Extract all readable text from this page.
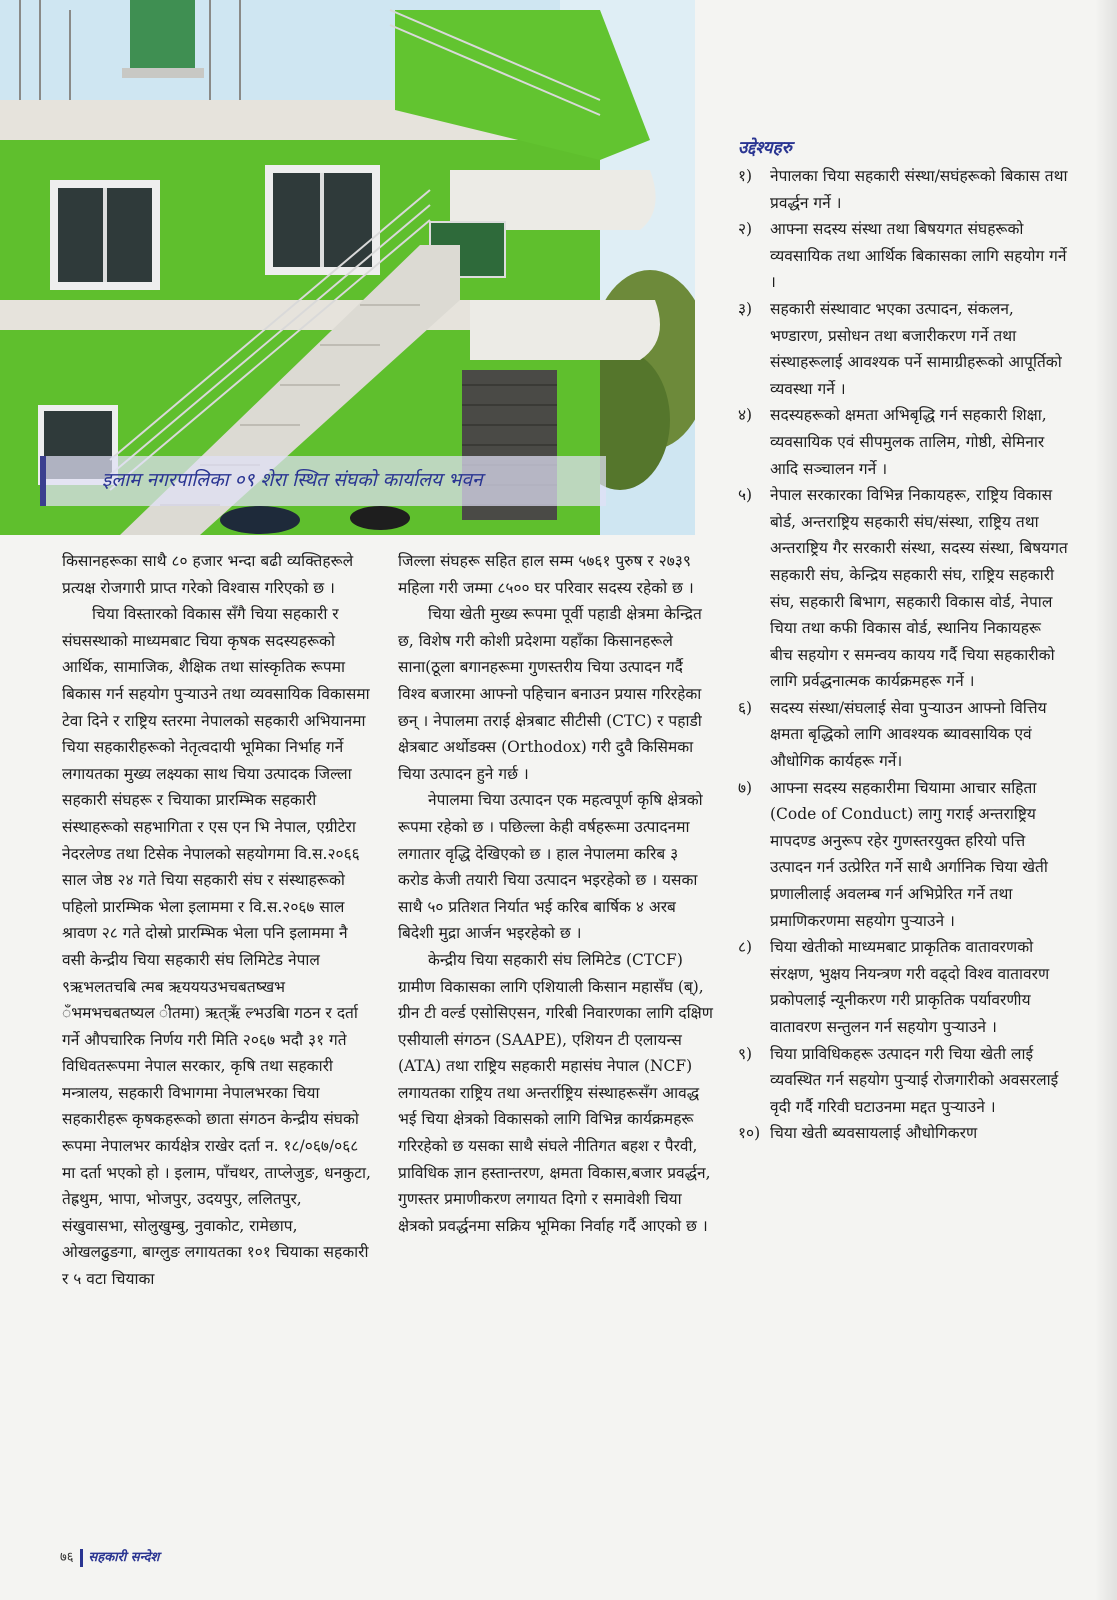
इलाम नगरपालिका ०९ शेरा स्थित संघको कार्यालय भवन

किसानहरूका साथै ८० हजार भन्दा बढी व्यक्तिहरूले प्रत्यक्ष रोजगारी प्राप्त गरेको विश्वास गरिएको छ ।

चिया विस्तारको विकास सँगै चिया सहकारी र संघसस्थाको माध्यमबाट चिया कृषक सदस्यहरूको आर्थिक, सामाजिक, शैक्षिक तथा सांस्कृतिक रूपमा बिकास गर्न सहयोग पुऱ्याउने तथा व्यवसायिक विकासमा टेवा दिने र राष्ट्रिय स्तरमा नेपालको सहकारी अभियानमा चिया सहकारीहरूको नेतृत्वदायी भूमिका निर्भाह गर्ने लगायतका मुख्य लक्ष्यका साथ चिया उत्पादक जिल्ला सहकारी संघहरू र चियाका प्रारम्भिक सहकारी संस्थाहरूको सहभागिता र एस एन भि नेपाल, एग्रीटेरा नेदरलेण्ड तथा टिसेक नेपालको सहयोगमा वि.स.२०६६ साल जेष्ठ २४ गते चिया सहकारी संघ र संस्थाहरूको पहिलो प्रारम्भिक भेला इलाममा र वि.स.२०६७ साल श्रावण २८ गते दोस्रो प्रारम्भिक भेला पनि इलाममा नै वसी केन्द्रीय चिया सहकारी संघ लिमिटेड नेपाल ९ऋभलतचबि त्मब ऋयययउभचबतष्खभ ँभमभचबतष्यल ीतमा) ऋत्ऋँ ल्भउबाि गठन र दर्ता गर्ने औपचारिक निर्णय गरी मिति २०६७ भदौ ३१ गते विधिवतरूपमा नेपाल सरकार, कृषि तथा सहकारी मन्त्रालय, सहकारी विभागमा नेपालभरका चिया सहकारीहरू कृषकहरूको छाता संगठन केन्द्रीय संघको रूपमा नेपालभर कार्यक्षेत्र राखेर दर्ता न. १८/०६७/०६८ मा दर्ता भएको हो । इलाम, पाँचथर, ताप्लेजुङ, धनकुटा, तेह्रथुम, भापा, भोजपुर, उदयपुर, ललितपुर, संखुवासभा, सोलुखुम्बु, नुवाकोट, रामेछाप, ओखलढुङगा, बाग्लुङ लगायतका १०१ चियाका सहकारी र ५ वटा चियाका

जिल्ला संघहरू सहित हाल सम्म ५७६१ पुरुष र २७३९ महिला गरी जम्मा ८५०० घर परिवार सदस्य रहेको छ ।

चिया खेती मुख्य रूपमा पूर्वी पहाडी क्षेत्रमा केन्द्रित छ, विशेष गरी कोशी प्रदेशमा यहाँका किसानहरूले साना(ठूला बगानहरूमा गुणस्तरीय चिया उत्पादन गर्दै विश्व बजारमा आफ्नो पहिचान बनाउन प्रयास गरिरहेका छन् । नेपालमा तराई क्षेत्रबाट सीटीसी (CTC) र पहाडी क्षेत्रबाट अर्थोडक्स (Orthodox) गरी दुवै किसिमका चिया उत्पादन हुने गर्छ ।

नेपालमा चिया उत्पादन एक महत्वपूर्ण कृषि क्षेत्रको रूपमा रहेको छ । पछिल्ला केही वर्षहरूमा उत्पादनमा लगातार वृद्धि देखिएको छ । हाल नेपालमा करिब ३ करोड केजी तयारी चिया उत्पादन भइरहेको छ । यसका साथै ५० प्रतिशत निर्यात भई करिब बार्षिक ४ अरब बिदेशी मुद्रा आर्जन भइरहेको छ ।

केन्द्रीय चिया सहकारी संघ लिमिटेड (CTCF) ग्रामीण विकासका लागि एशियाली किसान महासँघ (ब्), ग्रीन टी वर्ल्ड एसोसिएसन, गरिबी निवारणका लागि दक्षिण एसीयाली संगठन (SAAPE), एशियन टी एलायन्स (ATA) तथा राष्ट्रिय सहकारी महासंघ नेपाल (NCF) लगायतका राष्ट्रिय तथा अन्तर्राष्ट्रिय संस्थाहरूसँग आवद्ध भई चिया क्षेत्रको विकासको लागि विभिन्न कार्यक्रमहरू गरिरहेको छ यसका साथै संघले नीतिगत बहश र पैरवी, प्राविधिक ज्ञान हस्तान्तरण, क्षमता विकास,बजार प्रवर्द्धन, गुणस्तर प्रमाणीकरण लगायत दिगो र समावेशी चिया क्षेत्रको प्रवर्द्धनमा सक्रिय भूमिका निर्वाह गर्दै आएको छ ।

उद्देश्यहरु
१) नेपालका चिया सहकारी संस्था/सघंहरूको बिकास तथा प्रवर्द्धन गर्ने ।
२) आफ्ना सदस्य संस्था तथा बिषयगत संघहरूको व्यवसायिक तथा आर्थिक बिकासका लागि सहयोग गर्ने ।
३) सहकारी संस्थावाट भएका उत्पादन, संकलन, भण्डारण, प्रसोधन तथा बजारीकरण गर्ने तथा संस्थाहरूलाई आवश्यक पर्ने सामाग्रीहरूको आपूर्तिको व्यवस्था गर्ने ।
४) सदस्यहरूको क्षमता अभिबृद्धि गर्न सहकारी शिक्षा, व्यवसायिक एवं सीपमुलक तालिम, गोष्ठी, सेमिनार आदि सञ्चालन गर्ने ।
५) नेपाल सरकारका विभिन्न निकायहरू, राष्ट्रिय विकास बोर्ड, अन्तराष्ट्रिय सहकारी संघ/संस्था, राष्ट्रिय तथा अन्तराष्ट्रिय गैर सरकारी संस्था, सदस्य संस्था, बिषयगत सहकारी संघ, केन्द्रिय सहकारी संघ, राष्ट्रिय सहकारी संघ, सहकारी बिभाग, सहकारी विकास वोर्ड, नेपाल चिया तथा कफी विकास वोर्ड, स्थानिय निकायहरू बीच सहयोग र समन्वय कायय गर्दै चिया सहकारीको लागि प्रर्वद्धनात्मक कार्यक्रमहरू गर्ने ।
६) सदस्य संस्था/संघलाई सेवा पुऱ्याउन आफ्नो वित्तिय क्षमता बृद्धिको लागि आवश्यक ब्यावसायिक एवं औधोगिक कार्यहरू गर्ने।
७) आफ्ना सदस्य सहकारीमा चियामा आचार सहिता (Code of Conduct) लागु गराई अन्तराष्ट्रिय मापदण्ड अनुरूप रहेर गुणस्तरयुक्त हरियो पत्ति उत्पादन गर्न उत्प्रेरित गर्ने साथै अर्गानिक चिया खेती प्रणालीलाई अवलम्ब गर्न अभिप्रेरित गर्ने तथा प्रमाणिकरणमा सहयोग पुऱ्याउने ।
८) चिया खेतीको माध्यमबाट प्राकृतिक वातावरणको संरक्षण, भुक्षय नियन्त्रण गरी वढ्दो विश्व वातावरण प्रकोपलाई न्यूनीकरण गरी प्राकृतिक पर्यावरणीय वातावरण सन्तुलन गर्न सहयोग पुऱ्याउने ।
९) चिया प्राविधिकहरू उत्पादन गरी चिया खेती लाई व्यवस्थित गर्न सहयोग पुऱ्याई रोजगारीको अवसरलाई वृदी गर्दै गरिवी घटाउनमा मद्दत पुऱ्याउने ।
१०) चिया खेती ब्यवसायलाई औधोगिकरण
७६ सहकारी सन्देश
